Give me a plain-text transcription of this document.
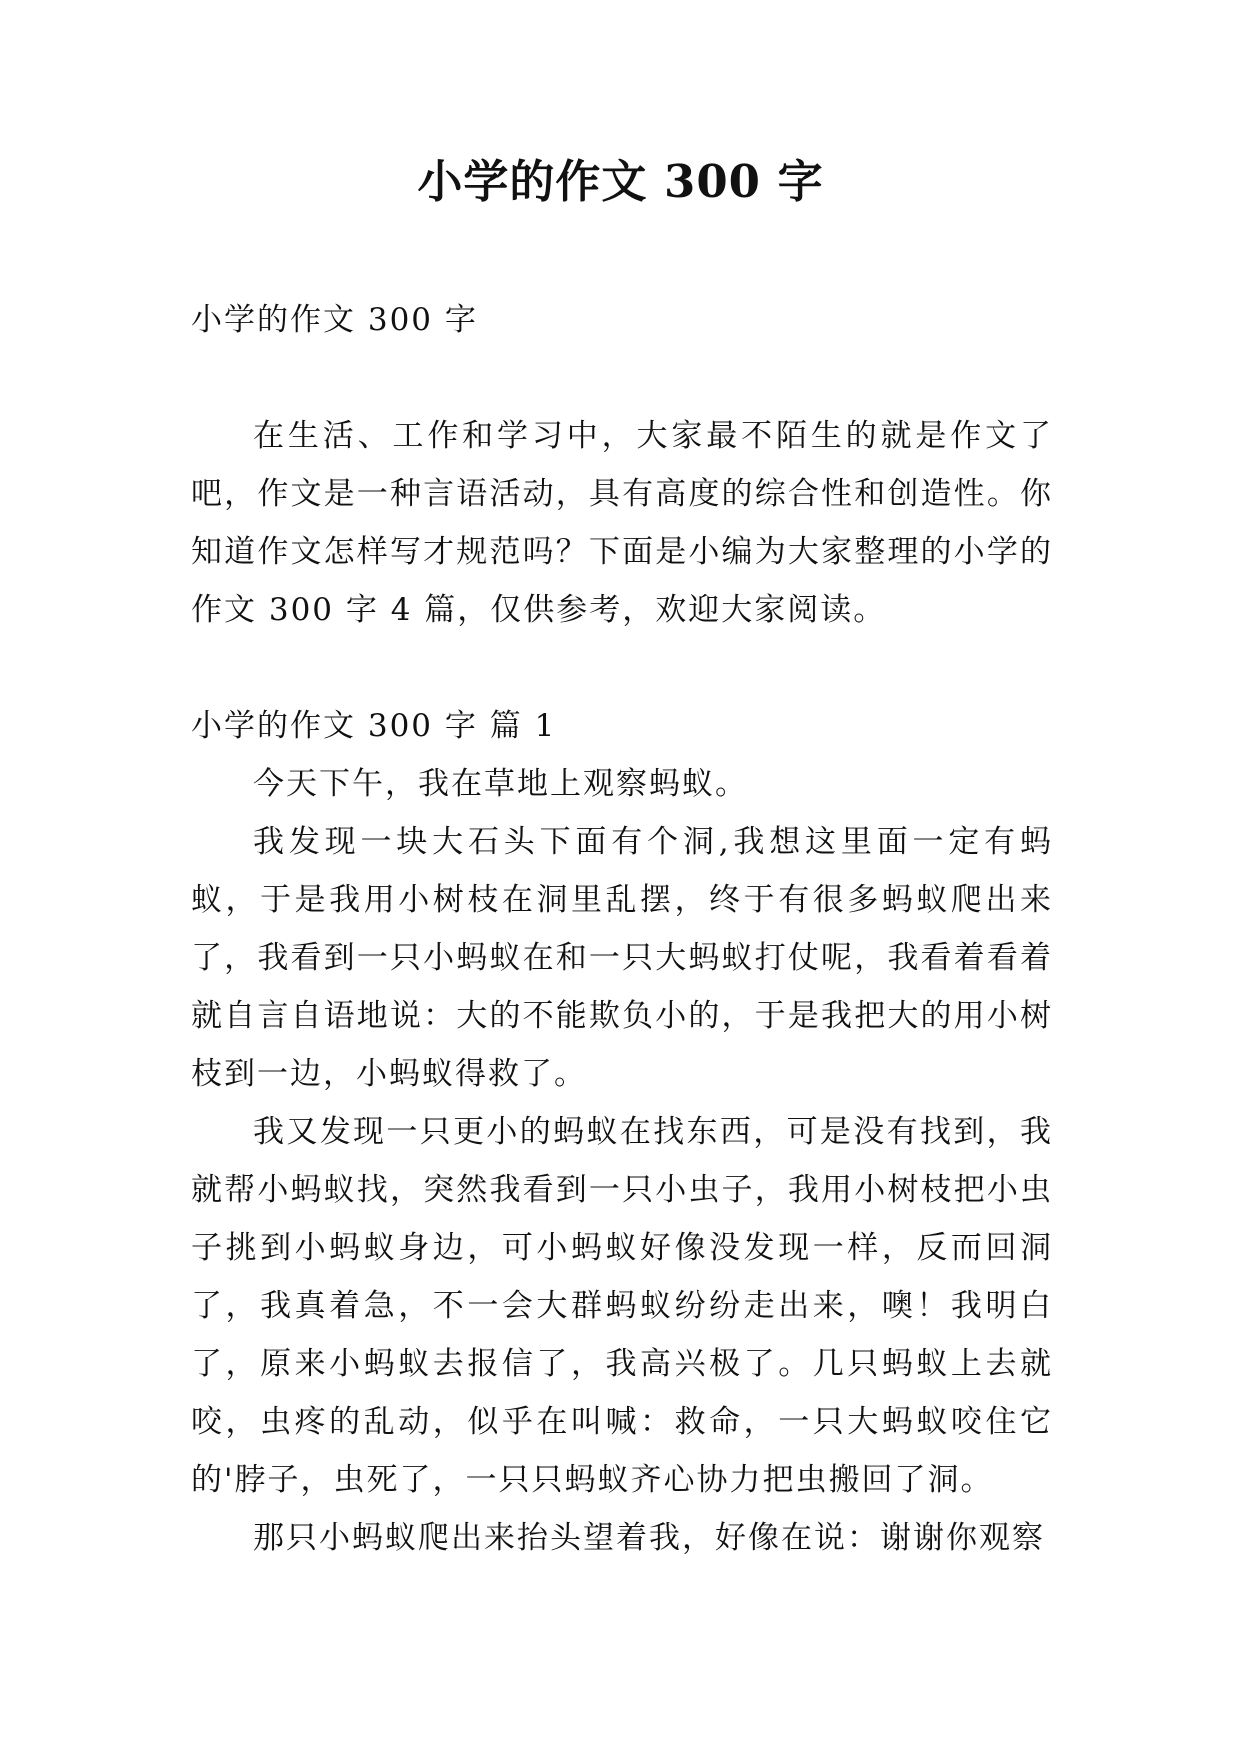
小学的作文 300 字

小学的作文 300 字

在生活、工作和学习中，大家最不陌生的就是作文了吧，作文是一种言语活动，具有高度的综合性和创造性。你知道作文怎样写才规范吗？下面是小编为大家整理的小学的作文 300 字 4 篇，仅供参考，欢迎大家阅读。

小学的作文 300 字 篇 1

今天下午，我在草地上观察蚂蚁。

我发现一块大石头下面有个洞,我想这里面一定有蚂蚁，于是我用小树枝在洞里乱摆，终于有很多蚂蚁爬出来了，我看到一只小蚂蚁在和一只大蚂蚁打仗呢，我看着看着就自言自语地说：大的不能欺负小的，于是我把大的用小树枝到一边，小蚂蚁得救了。

我又发现一只更小的蚂蚁在找东西，可是没有找到，我就帮小蚂蚁找，突然我看到一只小虫子，我用小树枝把小虫子挑到小蚂蚁身边，可小蚂蚁好像没发现一样，反而回洞了，我真着急，不一会大群蚂蚁纷纷走出来，噢！我明白了，原来小蚂蚁去报信了，我高兴极了。几只蚂蚁上去就咬，虫疼的乱动，似乎在叫喊：救命，一只大蚂蚁咬住它的'脖子，虫死了，一只只蚂蚁齐心协力把虫搬回了洞。

那只小蚂蚁爬出来抬头望着我，好像在说：谢谢你观察
